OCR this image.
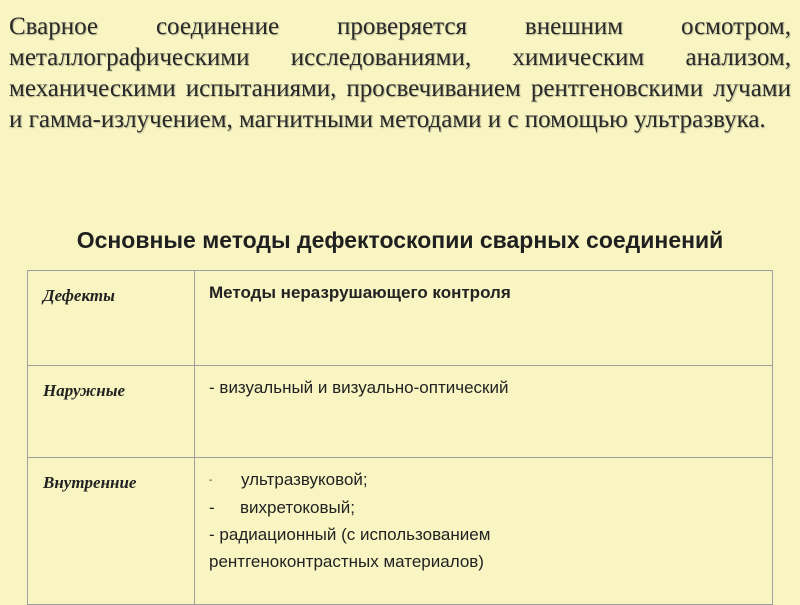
Сварное соединение проверяется внешним осмотром, металлографическими исследованиями, химическим анализом, механическими испытаниями, просвечиванием рентгеновскими лучами и гамма-излучением, магнитными методами и с помощью ультразвука.

Основные методы дефектоскопии сварных соединений
Дефекты	Методы неразрушающего контроля
Наружные	- визуальный и визуально-оптический

Внутренние	- ультразвуковой;
- вихретоковый;
- радиационный (с использованием
рентгеноконтрастных материалов)
